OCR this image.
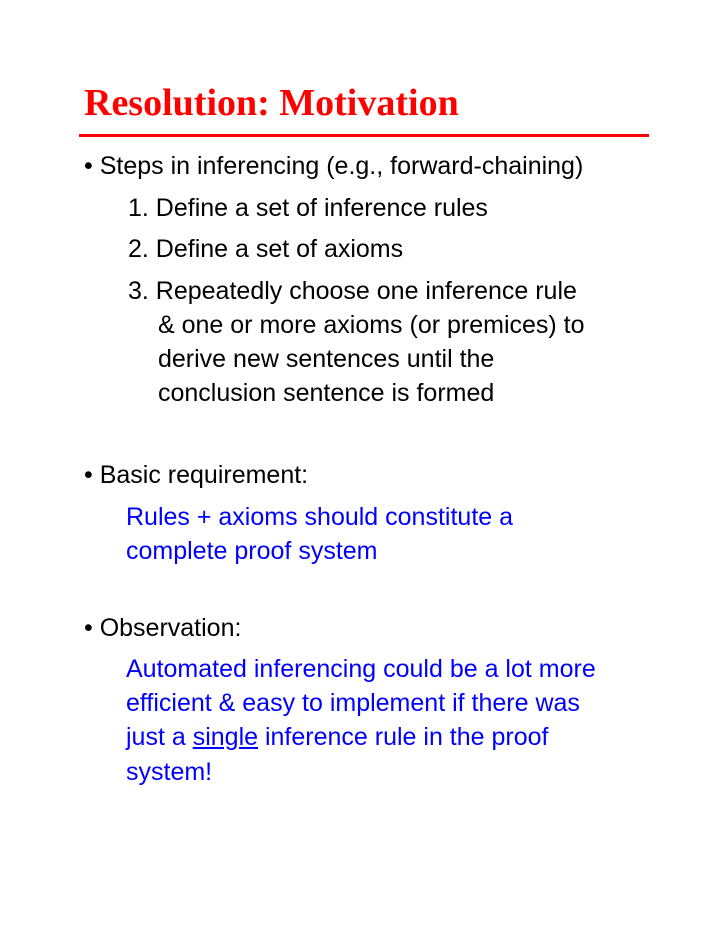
Resolution: Motivation
• Steps in inferencing (e.g., forward-chaining)
1. Define a set of inference rules
2. Define a set of axioms
3. Repeatedly choose one inference rule
& one or more axioms (or premices) to
derive new sentences until the
conclusion sentence is formed
• Basic requirement:
Rules + axioms should constitute a
complete proof system
• Observation:
Automated inferencing could be a lot more
efficient & easy to implement if there was
just a single inference rule in the proof
system!
